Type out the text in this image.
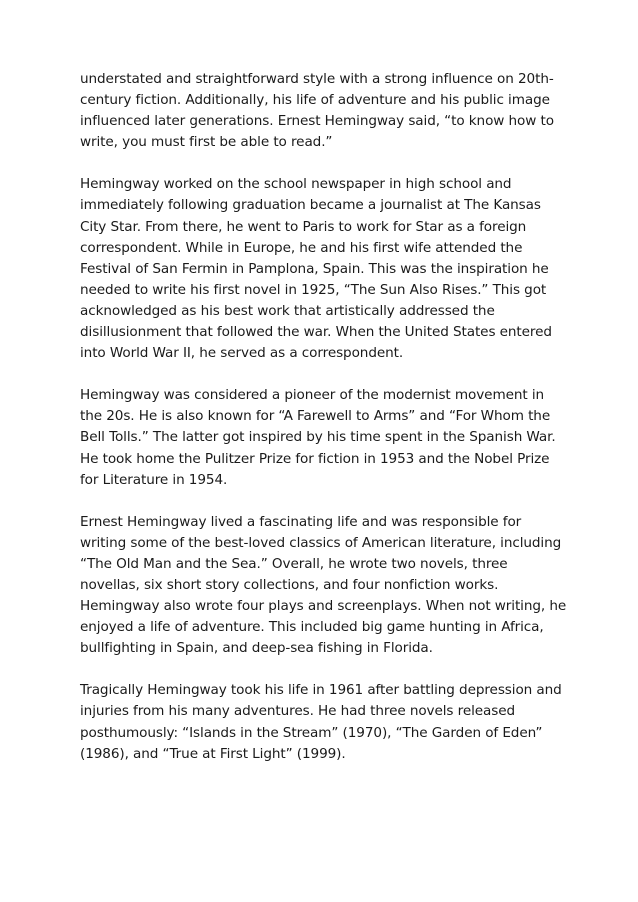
understated and straightforward style with a strong influence on 20th-century fiction. Additionally, his life of adventure and his public image influenced later generations. Ernest Hemingway said, “to know how to write, you must first be able to read.”

Hemingway worked on the school newspaper in high school and immediately following graduation became a journalist at The Kansas City Star. From there, he went to Paris to work for Star as a foreign correspondent. While in Europe, he and his first wife attended the Festival of San Fermin in Pamplona, Spain. This was the inspiration he needed to write his first novel in 1925, “The Sun Also Rises.” This got acknowledged as his best work that artistically addressed the disillusionment that followed the war. When the United States entered into World War II, he served as a correspondent.

Hemingway was considered a pioneer of the modernist movement in the 20s. He is also known for “A Farewell to Arms” and “For Whom the Bell Tolls.” The latter got inspired by his time spent in the Spanish War. He took home the Pulitzer Prize for fiction in 1953 and the Nobel Prize for Literature in 1954.

Ernest Hemingway lived a fascinating life and was responsible for writing some of the best-loved classics of American literature, including “The Old Man and the Sea.” Overall, he wrote two novels, three novellas, six short story collections, and four nonfiction works. Hemingway also wrote four plays and screenplays. When not writing, he enjoyed a life of adventure. This included big game hunting in Africa, bullfighting in Spain, and deep-sea fishing in Florida.

Tragically Hemingway took his life in 1961 after battling depression and injuries from his many adventures. He had three novels released posthumously: “Islands in the Stream” (1970), “The Garden of Eden” (1986), and “True at First Light” (1999).
